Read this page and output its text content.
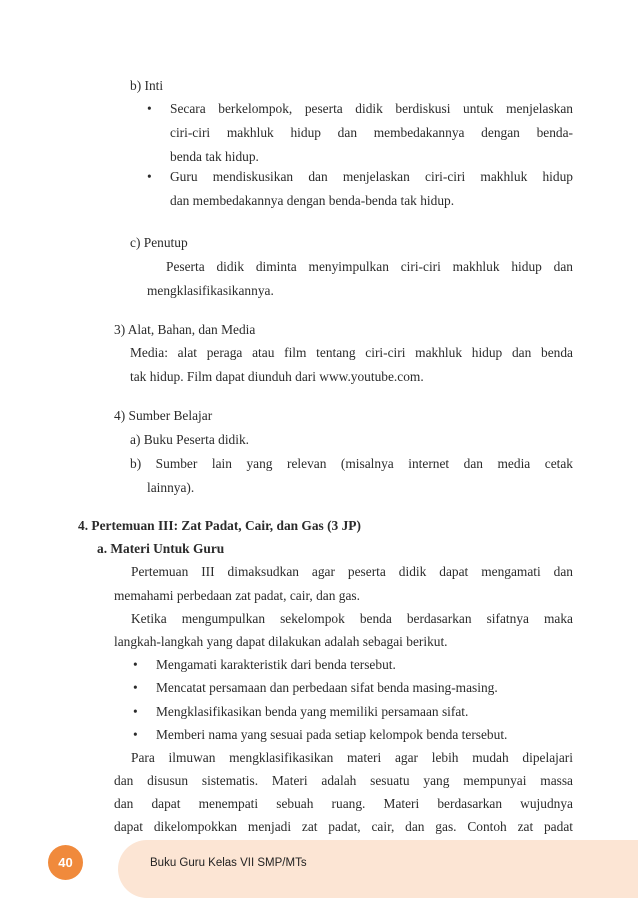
b) Inti
• Secara berkelompok, peserta didik berdiskusi untuk menjelaskan
ciri-ciri makhluk hidup dan membedakannya dengan benda-
benda tak hidup.
• Guru mendiskusikan dan menjelaskan ciri-ciri makhluk hidup
dan membedakannya dengan benda-benda tak hidup.
c) Penutup
Peserta didik diminta menyimpulkan ciri-ciri makhluk hidup dan
mengklasifikasikannya.
3) Alat, Bahan, dan Media
Media: alat peraga atau film tentang ciri-ciri makhluk hidup dan benda
tak hidup. Film dapat diunduh dari www.youtube.com.
4) Sumber Belajar
a) Buku Peserta didik.
b) Sumber lain yang relevan (misalnya internet dan media cetak
lainnya).
4. Pertemuan III: Zat Padat, Cair, dan Gas (3 JP)
a. Materi Untuk Guru
Pertemuan III dimaksudkan agar peserta didik dapat mengamati dan
memahami perbedaan zat padat, cair, dan gas.
Ketika mengumpulkan sekelompok benda berdasarkan sifatnya maka
langkah-langkah yang dapat dilakukan adalah sebagai berikut.
• Mengamati karakteristik dari benda tersebut.
• Mencatat persamaan dan perbedaan sifat benda masing-masing.
• Mengklasifikasikan benda yang memiliki persamaan sifat.
• Memberi nama yang sesuai pada setiap kelompok benda tersebut.
Para ilmuwan mengklasifikasikan materi agar lebih mudah dipelajari
dan disusun sistematis. Materi adalah sesuatu yang mempunyai massa
dan dapat menempati sebuah ruang. Materi berdasarkan wujudnya
dapat dikelompokkan menjadi zat padat, cair, dan gas. Contoh zat padat
40	Buku Guru Kelas VII SMP/MTs
